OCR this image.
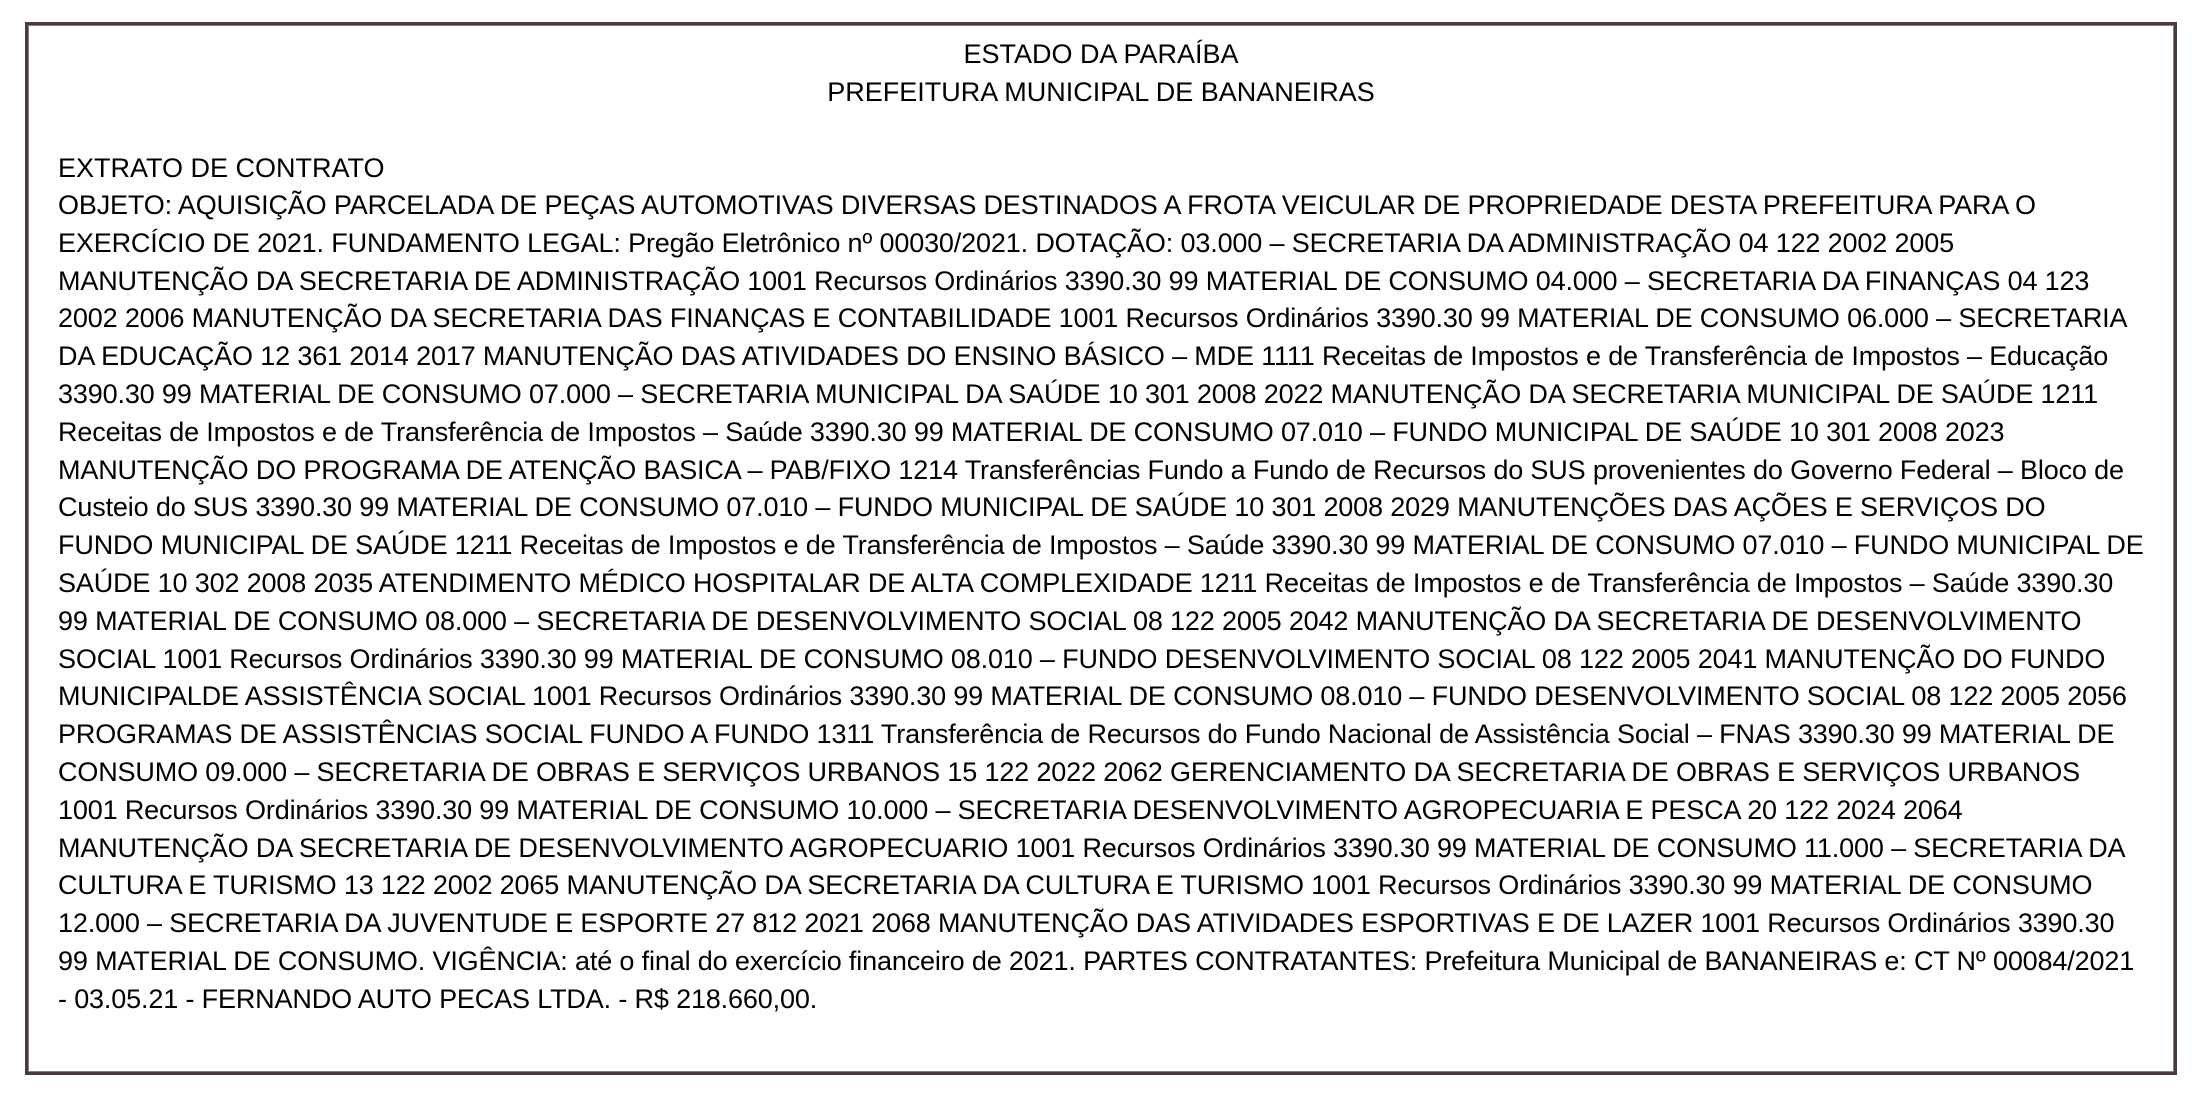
ESTADO DA PARAÍBA
PREFEITURA MUNICIPAL DE BANANEIRAS
EXTRATO DE CONTRATO
OBJETO: AQUISIÇÃO PARCELADA DE PEÇAS AUTOMOTIVAS DIVERSAS DESTINADOS A FROTA VEICULAR DE PROPRIEDADE DESTA PREFEITURA PARA O EXERCÍCIO DE 2021. FUNDAMENTO LEGAL: Pregão Eletrônico nº 00030/2021. DOTAÇÃO: 03.000 – SECRETARIA DA ADMINISTRAÇÃO 04 122 2002 2005 MANUTENÇÃO DA SECRETARIA DE ADMINISTRAÇÃO 1001 Recursos Ordinários 3390.30 99 MATERIAL DE CONSUMO 04.000 – SECRETARIA DA FINANÇAS 04 123 2002 2006 MANUTENÇÃO DA SECRETARIA DAS FINANÇAS E CONTABILIDADE 1001 Recursos Ordinários 3390.30 99 MATERIAL DE CONSUMO 06.000 – SECRETARIA DA EDUCAÇÃO 12 361 2014 2017 MANUTENÇÃO DAS ATIVIDADES DO ENSINO BÁSICO – MDE 1111 Receitas de Impostos e de Transferência de Impostos – Educação 3390.30 99 MATERIAL DE CONSUMO 07.000 – SECRETARIA MUNICIPAL DA SAÚDE 10 301 2008 2022 MANUTENÇÃO DA SECRETARIA MUNICIPAL DE SAÚDE 1211 Receitas de Impostos e de Transferência de Impostos – Saúde 3390.30 99 MATERIAL DE CONSUMO 07.010 – FUNDO MUNICIPAL DE SAÚDE 10 301 2008 2023 MANUTENÇÃO DO PROGRAMA DE ATENÇÃO BASICA – PAB/FIXO 1214 Transferências Fundo a Fundo de Recursos do SUS provenientes do Governo Federal – Bloco de Custeio do SUS 3390.30 99 MATERIAL DE CONSUMO 07.010 – FUNDO MUNICIPAL DE SAÚDE 10 301 2008 2029 MANUTENÇÕES DAS AÇÕES E SERVIÇOS DO FUNDO MUNICIPAL DE SAÚDE 1211 Receitas de Impostos e de Transferência de Impostos – Saúde 3390.30 99 MATERIAL DE CONSUMO 07.010 – FUNDO MUNICIPAL DE SAÚDE 10 302 2008 2035 ATENDIMENTO MÉDICO HOSPITALAR DE ALTA COMPLEXIDADE 1211 Receitas de Impostos e de Transferência de Impostos – Saúde 3390.30 99 MATERIAL DE CONSUMO 08.000 – SECRETARIA DE DESENVOLVIMENTO SOCIAL 08 122 2005 2042 MANUTENÇÃO DA SECRETARIA DE DESENVOLVIMENTO SOCIAL 1001 Recursos Ordinários 3390.30 99 MATERIAL DE CONSUMO 08.010 – FUNDO DESENVOLVIMENTO SOCIAL 08 122 2005 2041 MANUTENÇÃO DO FUNDO MUNICIPALDE ASSISTÊNCIA SOCIAL 1001 Recursos Ordinários 3390.30 99 MATERIAL DE CONSUMO 08.010 – FUNDO DESENVOLVIMENTO SOCIAL 08 122 2005 2056 PROGRAMAS DE ASSISTÊNCIAS SOCIAL FUNDO A FUNDO 1311 Transferência de Recursos do Fundo Nacional de Assistência Social – FNAS 3390.30 99 MATERIAL DE CONSUMO 09.000 – SECRETARIA DE OBRAS E SERVIÇOS URBANOS 15 122 2022 2062 GERENCIAMENTO DA SECRETARIA DE OBRAS E SERVIÇOS URBANOS 1001 Recursos Ordinários 3390.30 99 MATERIAL DE CONSUMO 10.000 – SECRETARIA DESENVOLVIMENTO AGROPECUARIA E PESCA 20 122 2024 2064 MANUTENÇÃO DA SECRETARIA DE DESENVOLVIMENTO AGROPECUARIO 1001 Recursos Ordinários 3390.30 99 MATERIAL DE CONSUMO 11.000 – SECRETARIA DA CULTURA E TURISMO 13 122 2002 2065 MANUTENÇÃO DA SECRETARIA DA CULTURA E TURISMO 1001 Recursos Ordinários 3390.30 99 MATERIAL DE CONSUMO 12.000 – SECRETARIA DA JUVENTUDE E ESPORTE 27 812 2021 2068 MANUTENÇÃO DAS ATIVIDADES ESPORTIVAS E DE LAZER 1001 Recursos Ordinários 3390.30 99 MATERIAL DE CONSUMO. VIGÊNCIA: até o final do exercício financeiro de 2021. PARTES CONTRATANTES: Prefeitura Municipal de BANANEIRAS e: CT Nº 00084/2021 - 03.05.21 - FERNANDO AUTO PECAS LTDA. - R$ 218.660,00.
